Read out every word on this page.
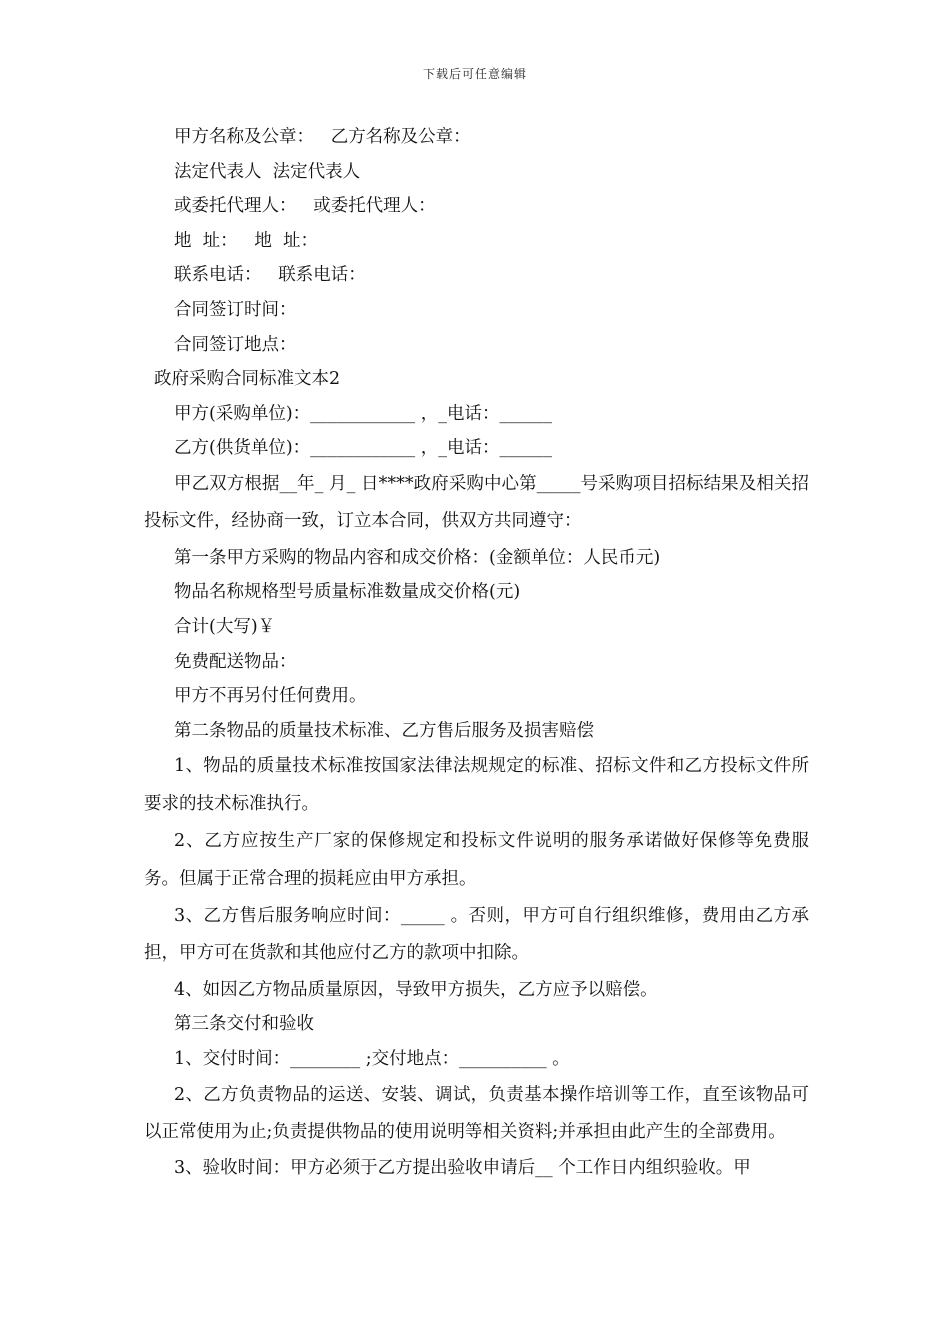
下载后可任意编辑
甲方名称及公章：   乙方名称及公章：
法定代表人  法定代表人
或委托代理人：   或委托代理人：
地  址：   地  址：
联系电话：   联系电话：
合同签订时间：
合同签订地点：
政府采购合同标准文本2
甲方(采购单位)：____________ ，_电话：______
乙方(供货单位)：____________ ，_电话：______
甲乙双方根据__年_ 月_ 日****政府采购中心第_____号采购项目招标结果及相关招投标文件，经协商一致，订立本合同，供双方共同遵守：
第一条甲方采购的物品内容和成交价格：(金额单位：人民币元)
物品名称规格型号质量标准数量成交价格(元)
合计(大写)￥
免费配送物品：
甲方不再另付任何费用。
第二条物品的质量技术标准、乙方售后服务及损害赔偿
1、物品的质量技术标准按国家法律法规规定的标准、招标文件和乙方投标文件所要求的技术标准执行。
2、乙方应按生产厂家的保修规定和投标文件说明的服务承诺做好保修等免费服务。但属于正常合理的损耗应由甲方承担。
3、乙方售后服务响应时间：_____ 。否则，甲方可自行组织维修，费用由乙方承担，甲方可在货款和其他应付乙方的款项中扣除。
4、如因乙方物品质量原因，导致甲方损失，乙方应予以赔偿。
第三条交付和验收
1、交付时间：________ ;交付地点：__________ 。
2、乙方负责物品的运送、安装、调试，负责基本操作培训等工作，直至该物品可以正常使用为止;负责提供物品的使用说明等相关资料;并承担由此产生的全部费用。
3、验收时间：甲方必须于乙方提出验收申请后__ 个工作日内组织验收。甲
